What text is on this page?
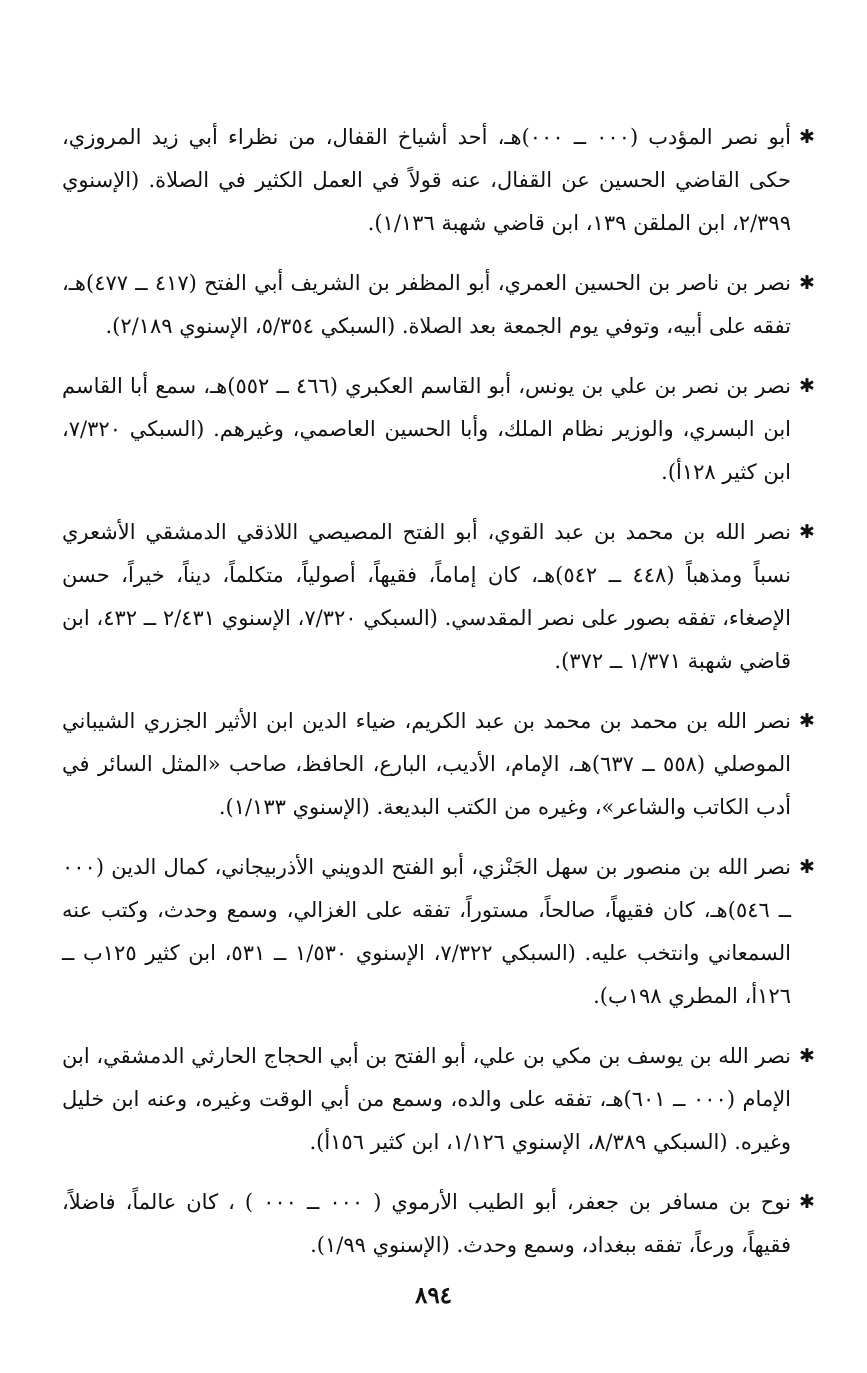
✱
أبو نصر المؤدب (٠٠٠ ــ ٠٠٠)هـ، أحد أشياخ القفال، من نظراء أبي زيد المروزي، حكى القاضي الحسين عن القفال، عنه قولاً في العمل الكثير في الصلاة. (الإسنوي ٢/٣٩٩، ابن الملقن ١٣٩، ابن قاضي شهبة ١/١٣٦).
✱
نصر بن ناصر بن الحسين العمري، أبو المظفر بن الشريف أبي الفتح (٤١٧ ــ ٤٧٧)هـ، تفقه على أبيه، وتوفي يوم الجمعة بعد الصلاة. (السبكي ٥/٣٥٤، الإسنوي ٢/١٨٩).
✱
نصر بن نصر بن علي بن يونس، أبو القاسم العكبري (٤٦٦ ــ ٥٥٢)هـ، سمع أبا القاسم ابن البسري، والوزير نظام الملك، وأبا الحسين العاصمي، وغيرهم. (السبكي ٧/٣٢٠، ابن كثير ١٢٨أ).
✱
نصر الله بن محمد بن عبد القوي، أبو الفتح المصيصي اللاذقي الدمشقي الأشعري نسباً ومذهباً (٤٤٨ ــ ٥٤٢)هـ، كان إماماً، فقيهاً، أصولياً، متكلماً، ديناً، خيراً، حسن الإصغاء، تفقه بصور على نصر المقدسي. (السبكي ٧/٣٢٠، الإسنوي ٢/٤٣١ ــ ٤٣٢، ابن قاضي شهبة ١/٣٧١ ــ ٣٧٢).
✱
نصر الله بن محمد بن محمد بن عبد الكريم، ضياء الدين ابن الأثير الجزري الشيباني الموصلي (٥٥٨ ــ ٦٣٧)هـ، الإمام، الأديب، البارع، الحافظ، صاحب «المثل السائر في أدب الكاتب والشاعر»، وغيره من الكتب البديعة. (الإسنوي ١/١٣٣).
✱
نصر الله بن منصور بن سهل الجَنْزي، أبو الفتح الدويني الأذربيجاني، كمال الدين (٠٠٠ ــ ٥٤٦)هـ، كان فقيهاً، صالحاً، مستوراً، تفقه على الغزالي، وسمع وحدث، وكتب عنه السمعاني وانتخب عليه. (السبكي ٧/٣٢٢، الإسنوي ١/٥٣٠ ــ ٥٣١، ابن كثير ١٢٥ب ــ ١٢٦أ، المطري ١٩٨ب).
✱
نصر الله بن يوسف بن مكي بن علي، أبو الفتح بن أبي الحجاج الحارثي الدمشقي، ابن الإمام (٠٠٠ ــ ٦٠١)هـ، تفقه على والده، وسمع من أبي الوقت وغيره، وعنه ابن خليل وغيره. (السبكي ٨/٣٨٩، الإسنوي ١/١٢٦، ابن كثير ١٥٦أ).
✱
نوح بن مسافر بن جعفر، أبو الطيب الأرموي ( ٠٠٠ ــ ٠٠٠ ) ، كان عالماً، فاضلاً، فقيهاً، ورعاً، تفقه ببغداد، وسمع وحدث. (الإسنوي ١/٩٩).
٨٩٤
